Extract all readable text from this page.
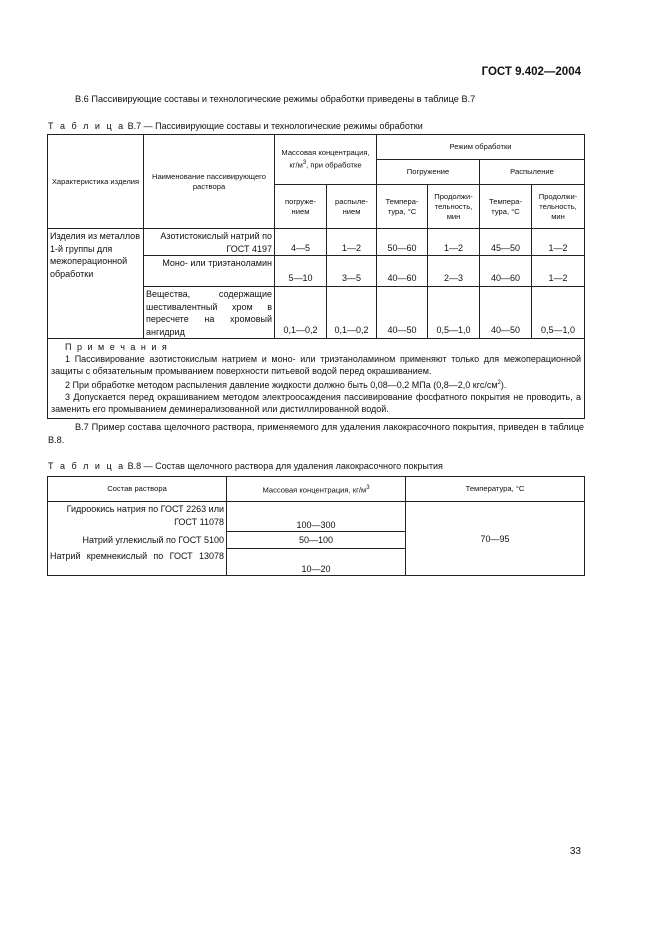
ГОСТ 9.402—2004
В.6 Пассивирующие составы и технологические режимы обработки приведены в таблице В.7
Т а б л и ц а В.7 — Пассивирующие составы и технологические режимы обработки
Характеристика изделия	Наименование пассивирующего раствора	Массовая концентрация, $кг/м^3$, при обработке		Режим обработки			
				Погружение		Распыление	
		погруже-нием	распыле-нием	Темпера-тура, °С	Продолжи-тельность, мин	Темпера-тура, °С	Продолжи-тельность, мин
Изделия из металлов 1-й группы для межоперационной обработки	Азотистокислый натрий по ГОСТ 4197	4—5	1—2	50—60	1—2	45—50	1—2
	Моно- или триэтаноламин	5—10	3—5	40—60	2—3	40—60	1—2
	Вещества, содержащие шестивалентный хром в пересчете на хромовый ангидрид	0,1—0,2	0,1—0,2	40—50	0,5—1,0	40—50	0,5—1,0

П р и м е ч а н и я
1 Пассивирование азотистокислым натрием и моно- или триэтаноламином применяют только для межоперационной защиты с обязательным промыванием поверхности питьевой водой перед окрашиванием.
2 При обработке методом распыления давление жидкости должно быть 0,08—0,2 МПа (0,8—2,0 кгс/$см^2$).
3 Допускается перед окрашиванием методом электроосаждения пассивирование фосфатного покрытия не проводить, а заменить его промыванием деминерализованной или дистиллированной водой.							
В.7 Пример состава щелочного раствора, применяемого для удаления лакокрасочного покрытия, приведен в таблице В.8.
Т а б л и ц а В.8 — Состав щелочного раствора для удаления лакокрасочного покрытия
Состав раствора	Массовая концентрация, $кг/м^3$	Температура, °С
Гидроокись натрия по ГОСТ 2263 или ГОСТ 11078	100—300	70—95
Натрий углекислый по ГОСТ 5100	50—100	
Натрий кремнекислый по ГОСТ 13078	10—20	
33
